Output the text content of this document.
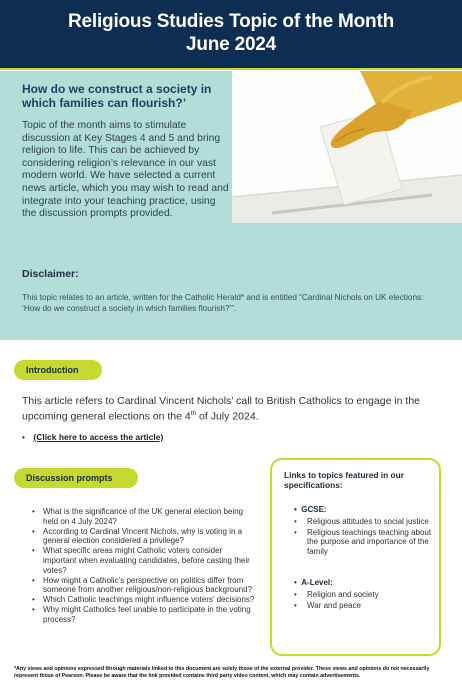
Religious Studies Topic of the Month
June 2024
How do we construct a society in which families can flourish?’
Topic of the month aims to stimulate discussion at Key Stages 4 and 5 and bring religion to life. This can be achieved by considering religion’s relevance in our vast modern world. We have selected a current news article, which you may wish to read and integrate into your teaching practice, using the discussion prompts provided.
Disclaimer:
This topic relates to an article, written for the Catholic Herald* and is entitled “Cardinal Nichols on UK elections: ‘How do we construct a society in which families flourish?’”.
Introduction
This article refers to Cardinal Vincent Nichols’ call to British Catholics to engage in the upcoming general elections on the 4th of July 2024.
• (Click here to access the article)
Discussion prompts
• What is the significance of the UK general election being held on 4 July 2024?
• According to Cardinal Vincent Nichols, why is voting in a general election considered a privilege?
• What specific areas might Catholic voters consider important when evaluating candidates, before casting their votes?
• How might a Catholic’s perspective on politics differ from someone from another religious/non-religious background?
• Which Catholic teachings might influence voters’ decisions?
• Why might Catholics feel unable to participate in the voting process?
Links to topics featured in our specifications:
•  GCSE:
• Religious attitudes to social justice
• Religious teachings teaching about the purpose and importance of the family
•  A-Level:
• Religion and society
• War and peace
*Any views and opinions expressed through materials linked to this document are solely those of the external provider. These views and opinions do not necessarily represent those of Pearson. Please be aware that the link provided contains third party video content, which may contain advertisements.
